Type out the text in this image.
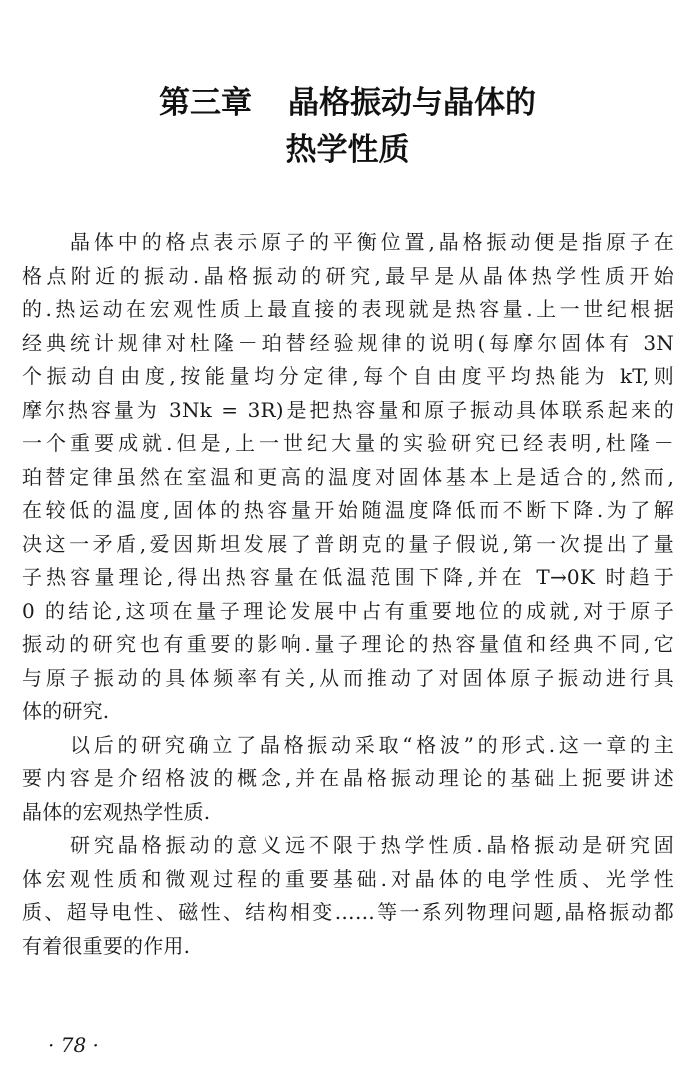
第三章 晶格振动与晶体的
热学性质
晶体中的格点表示原子的平衡位置,晶格振动便是指原子在
格点附近的振动.晶格振动的研究,最早是从晶体热学性质开始
的.热运动在宏观性质上最直接的表现就是热容量.上一世纪根据
经典统计规律对杜隆－珀替经验规律的说明(每摩尔固体有 3N
个振动自由度,按能量均分定律,每个自由度平均热能为 kT,则
摩尔热容量为 3Nk = 3R)是把热容量和原子振动具体联系起来的
一个重要成就.但是,上一世纪大量的实验研究已经表明,杜隆－
珀替定律虽然在室温和更高的温度对固体基本上是适合的,然而,
在较低的温度,固体的热容量开始随温度降低而不断下降.为了解
决这一矛盾,爱因斯坦发展了普朗克的量子假说,第一次提出了量
子热容量理论,得出热容量在低温范围下降,并在 T→0K 时趋于
0 的结论,这项在量子理论发展中占有重要地位的成就,对于原子
振动的研究也有重要的影响.量子理论的热容量值和经典不同,它
与原子振动的具体频率有关,从而推动了对固体原子振动进行具
体的研究.
以后的研究确立了晶格振动采取“格波”的形式.这一章的主
要内容是介绍格波的概念,并在晶格振动理论的基础上扼要讲述
晶体的宏观热学性质.
研究晶格振动的意义远不限于热学性质.晶格振动是研究固
体宏观性质和微观过程的重要基础.对晶体的电学性质、光学性
质、超导电性、磁性、结构相变……等一系列物理问题,晶格振动都
有着很重要的作用.
· 78 ·
